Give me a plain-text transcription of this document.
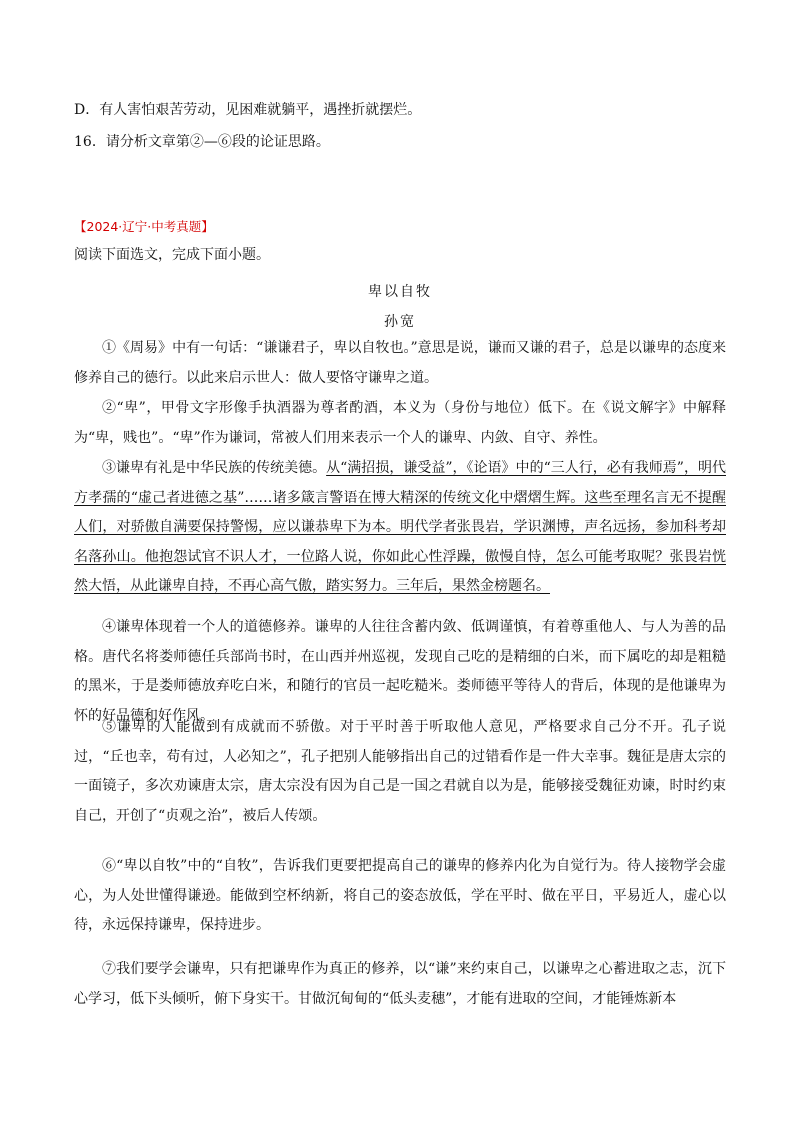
D．有人害怕艰苦劳动，见困难就躺平，遇挫折就摆烂。
16．请分析文章第②—⑥段的论证思路。
【2024·辽宁·中考真题】
阅读下面选文，完成下面小题。
卑以自牧
孙宽

①《周易》中有一句话：“谦谦君子，卑以自牧也。”意思是说，谦而又谦的君子，总是以谦卑的态度来修养自己的德行。以此来启示世人：做人要恪守谦卑之道。

②“卑”，甲骨文字形像手执酒器为尊者酌酒，本义为（身份与地位）低下。在《说文解字》中解释为“卑，贱也”。“卑”作为谦词，常被人们用来表示一个人的谦卑、内敛、自守、养性。

③谦卑有礼是中华民族的传统美德。从“满招损，谦受益”，《论语》中的“三人行，必有我师焉”，明代方孝孺的“虚己者进德之基”……诸多箴言警语在博大精深的传统文化中熠熠生辉。这些至理名言无不提醒人们，对骄傲自满要保持警惕，应以谦恭卑下为本。明代学者张畏岩，学识渊博，声名远扬，参加科考却名落孙山。他抱怨试官不识人才，一位路人说，你如此心性浮躁，傲慢自恃，怎么可能考取呢？张畏岩恍然大悟，从此谦卑自持，不再心高气傲，踏实努力。三年后，果然金榜题名。

④谦卑体现着一个人的道德修养。谦卑的人往往含蓄内敛、低调谨慎，有着尊重他人、与人为善的品格。唐代名将娄师德任兵部尚书时，在山西并州巡视，发现自己吃的是精细的白米，而下属吃的却是粗糙的黑米，于是娄师德放弃吃白米，和随行的官员一起吃糙米。娄师德平等待人的背后，体现的是他谦卑为怀的好品德和好作风。

⑤谦卑的人能做到有成就而不骄傲。对于平时善于听取他人意见，严格要求自己分不开。孔子说过，“丘也幸，苟有过，人必知之”，孔子把别人能够指出自己的过错看作是一件大幸事。魏征是唐太宗的一面镜子，多次劝谏唐太宗，唐太宗没有因为自己是一国之君就自以为是，能够接受魏征劝谏，时时约束自己，开创了“贞观之治”，被后人传颂。

⑥“卑以自牧”中的“自牧”，告诉我们更要把提高自己的谦卑的修养内化为自觉行为。待人接物学会虚心，为人处世懂得谦逊。能做到空杯纳新，将自己的姿态放低，学在平时、做在平日，平易近人，虚心以待，永远保持谦卑，保持进步。

⑦我们要学会谦卑，只有把谦卑作为真正的修养，以“谦”来约束自己，以谦卑之心蓄进取之志，沉下心学习，低下头倾听，俯下身实干。甘做沉甸甸的“低头麦穗”，才能有进取的空间，才能锤炼新本
